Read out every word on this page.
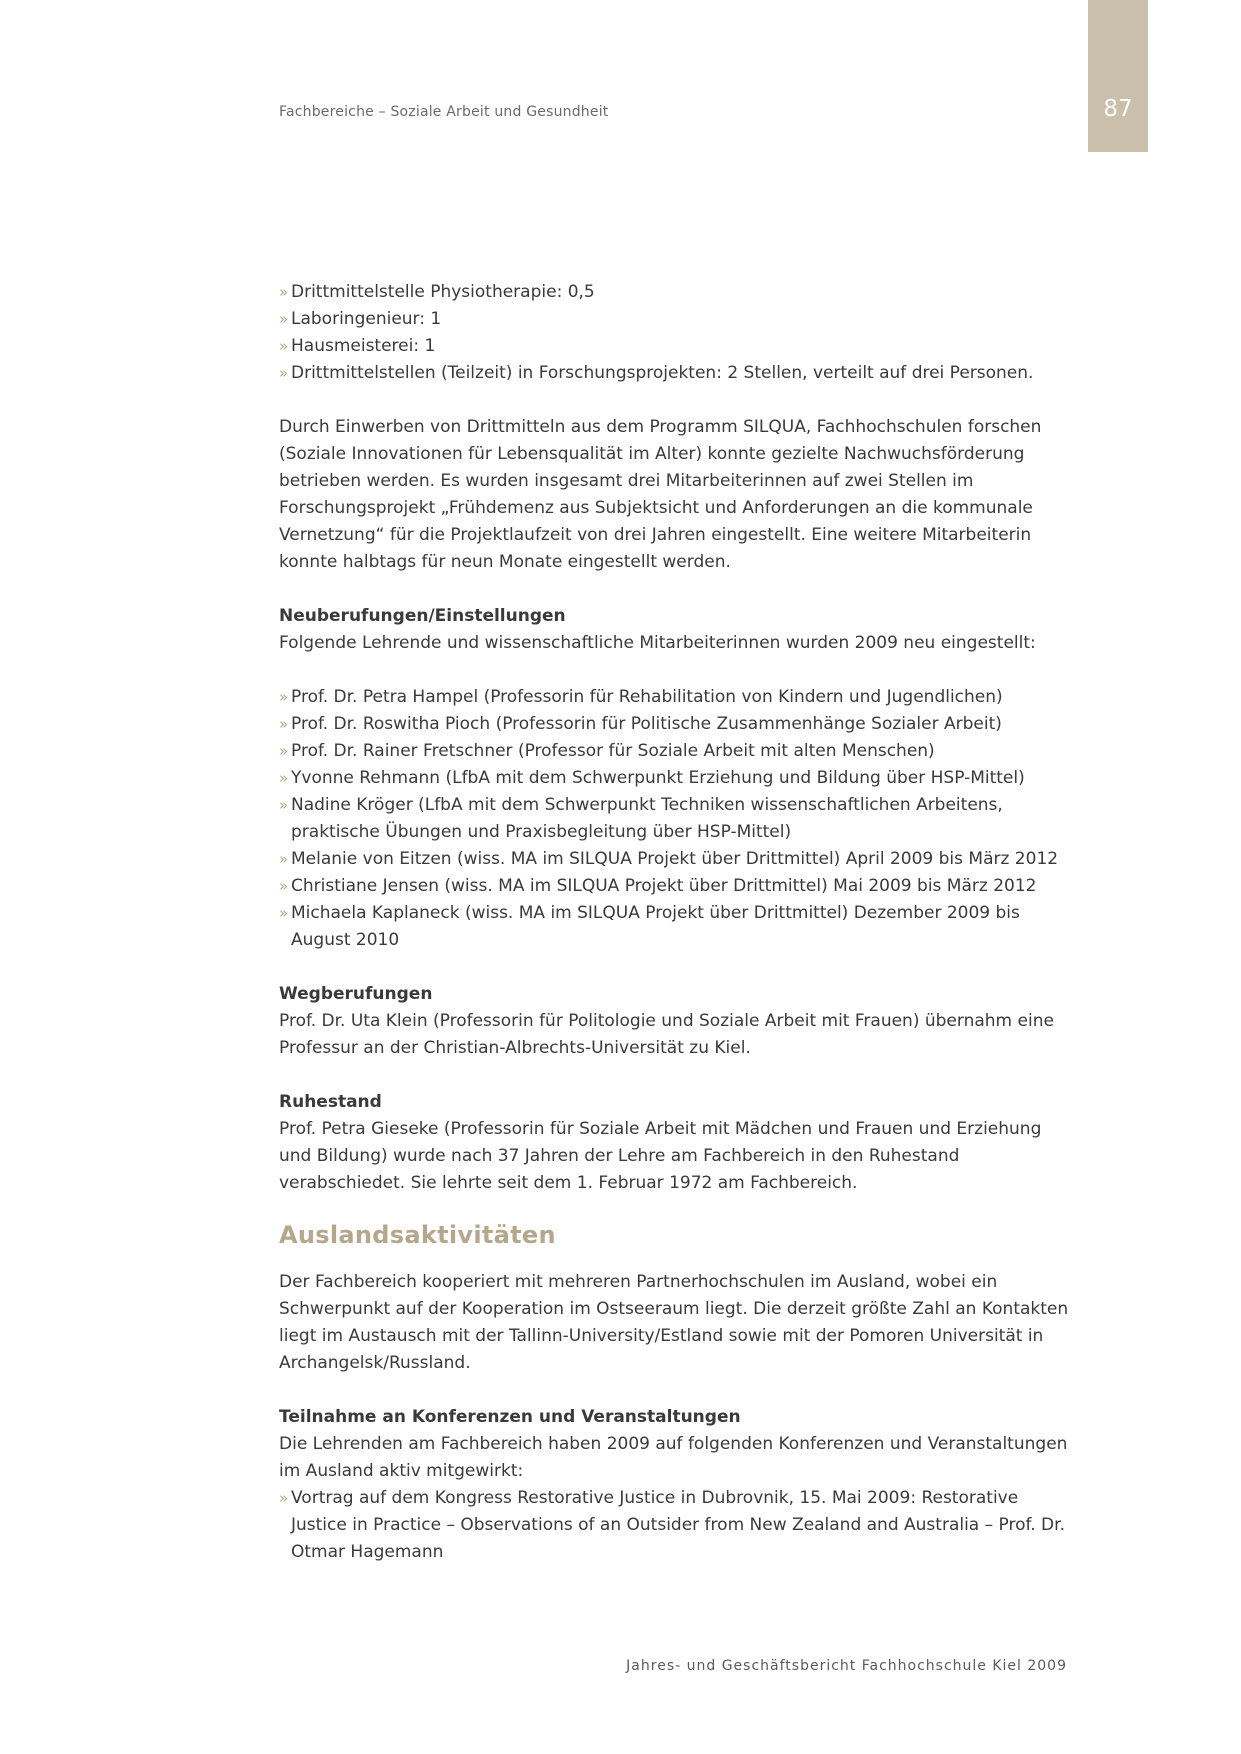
87
Fachbereiche – Soziale Arbeit und Gesundheit
» Drittmittelstelle Physiotherapie: 0,5
» Laboringenieur: 1
» Hausmeisterei: 1
» Drittmittelstellen (Teilzeit) in Forschungsprojekten: 2 Stellen, verteilt auf drei Personen.

Durch Einwerben von Drittmitteln aus dem Programm SILQUA, Fachhochschulen forschen (Soziale Innovationen für Lebensqualität im Alter) konnte gezielte Nachwuchsförderung betrieben werden. Es wurden insgesamt drei Mitarbeiterinnen auf zwei Stellen im Forschungsprojekt „Frühdemenz aus Subjektsicht und Anforderungen an die kommunale Vernetzung“ für die Projektlaufzeit von drei Jahren eingestellt. Eine weitere Mitarbeiterin konnte halbtags für neun Monate eingestellt werden.

Neuberufungen/Einstellungen

Folgende Lehrende und wissenschaftliche Mitarbeiterinnen wurden 2009 neu eingestellt:

» Prof. Dr. Petra Hampel (Professorin für Rehabilitation von Kindern und Jugendlichen)
» Prof. Dr. Roswitha Pioch (Professorin für Politische Zusammenhänge Sozialer Arbeit)
» Prof. Dr. Rainer Fretschner (Professor für Soziale Arbeit mit alten Menschen)
» Yvonne Rehmann (LfbA mit dem Schwerpunkt Erziehung und Bildung über HSP-Mittel)
» Nadine Kröger (LfbA mit dem Schwerpunkt Techniken wissenschaftlichen Arbeitens, praktische Übungen und Praxisbegleitung über HSP-Mittel)
» Melanie von Eitzen (wiss. MA im SILQUA Projekt über Drittmittel) April 2009 bis März 2012
» Christiane Jensen (wiss. MA im SILQUA Projekt über Drittmittel) Mai 2009 bis März 2012
» Michaela Kaplaneck (wiss. MA im SILQUA Projekt über Drittmittel) Dezember 2009 bis August 2010

Wegberufungen

Prof. Dr. Uta Klein (Professorin für Politologie und Soziale Arbeit mit Frauen) übernahm eine Professur an der Christian-Albrechts-Universität zu Kiel.

Ruhestand

Prof. Petra Gieseke (Professorin für Soziale Arbeit mit Mädchen und Frauen und Erziehung und Bildung) wurde nach 37 Jahren der Lehre am Fachbereich in den Ruhestand verabschiedet. Sie lehrte seit dem 1. Februar 1972 am Fachbereich.

Auslandsaktivitäten

Der Fachbereich kooperiert mit mehreren Partnerhochschulen im Ausland, wobei ein Schwerpunkt auf der Kooperation im Ostseeraum liegt. Die derzeit größte Zahl an Kontakten liegt im Austausch mit der Tallinn-University/Estland sowie mit der Pomoren Universität in Archangelsk/Russland.

Teilnahme an Konferenzen und Veranstaltungen

Die Lehrenden am Fachbereich haben 2009 auf folgenden Konferenzen und Veranstaltungen im Ausland aktiv mitgewirkt:

» Vortrag auf dem Kongress Restorative Justice in Dubrovnik, 15. Mai 2009: Restorative Justice in Practice – Observations of an Outsider from New Zealand and Australia – Prof. Dr. Otmar Hagemann
Jahres- und Geschäftsbericht Fachhochschule Kiel 2009
